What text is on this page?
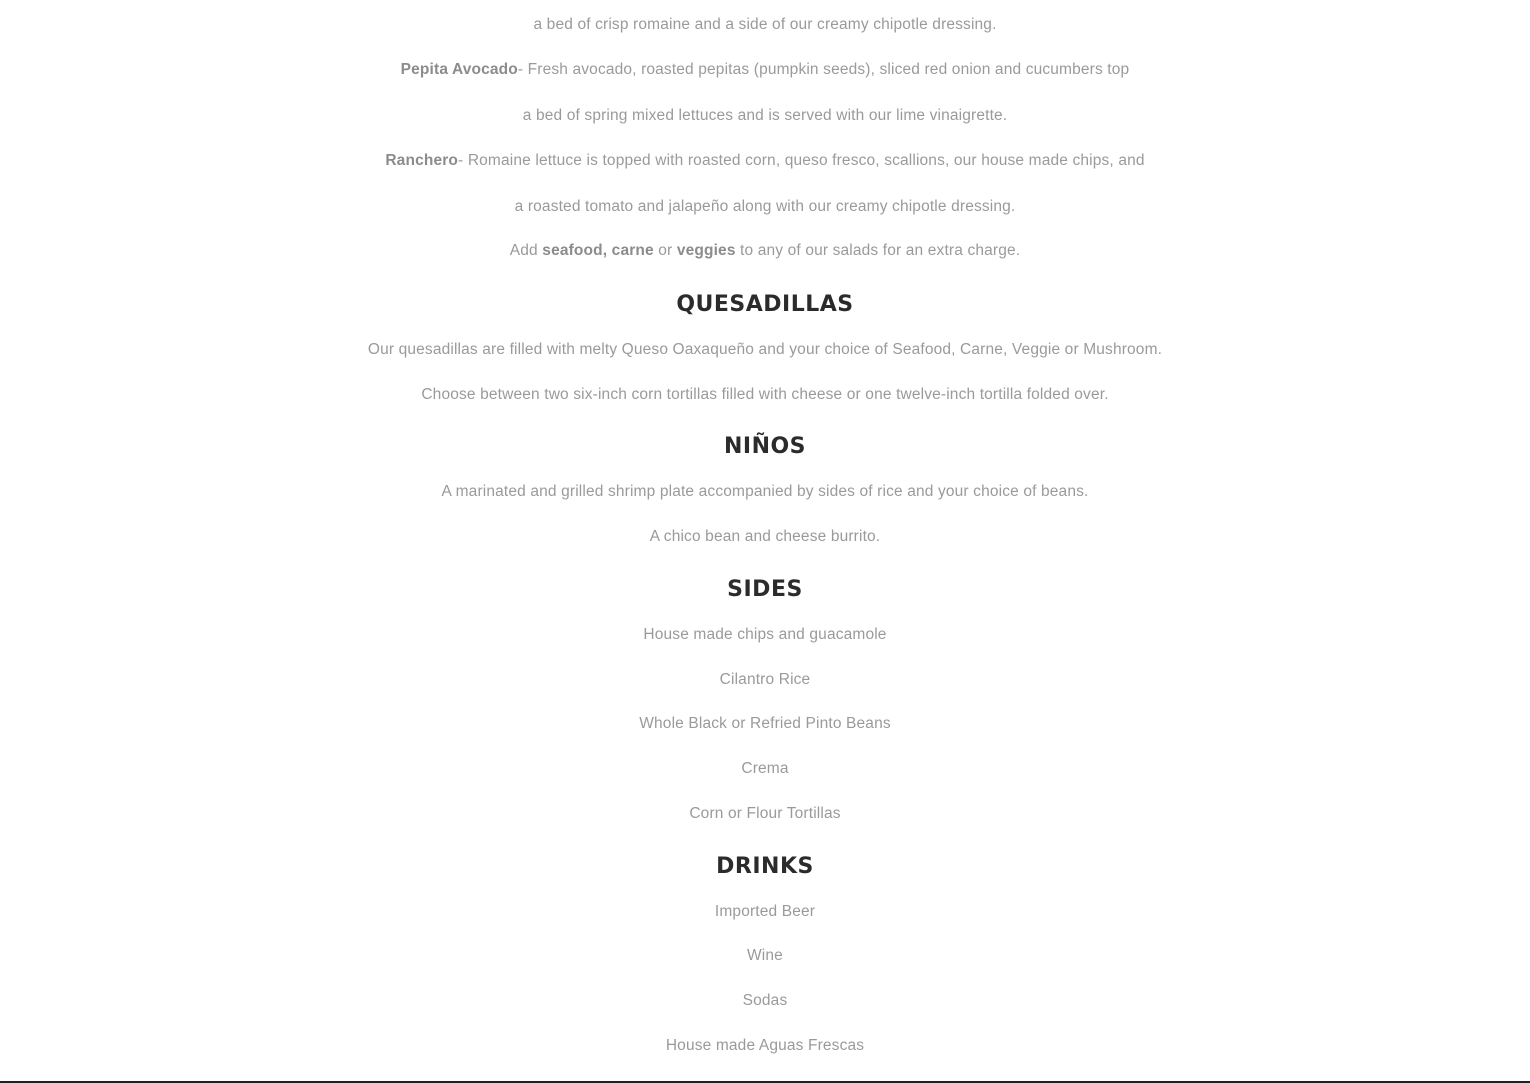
a bed of crisp romaine and a side of our creamy chipotle dressing.
Pepita Avocado- Fresh avocado, roasted pepitas (pumpkin seeds), sliced red onion and cucumbers top
a bed of spring mixed lettuces and is served with our lime vinaigrette.
Ranchero- Romaine lettuce is topped with roasted corn, queso fresco, scallions, our house made chips, and
a roasted tomato and jalapeño along with our creamy chipotle dressing.
Add seafood, carne or veggies to any of our salads for an extra charge.
QUESADILLAS
Our quesadillas are filled with melty Queso Oaxaqueño and your choice of Seafood, Carne, Veggie or Mushroom.
Choose between two six-inch corn tortillas filled with cheese or one twelve-inch tortilla folded over.
NIÑOS
A marinated and grilled shrimp plate accompanied by sides of rice and your choice of beans.
A chico bean and cheese burrito.
SIDES
House made chips and guacamole
Cilantro Rice
Whole Black or Refried Pinto Beans
Crema
Corn or Flour Tortillas
DRINKS
Imported Beer
Wine
Sodas
House made Aguas Frescas
